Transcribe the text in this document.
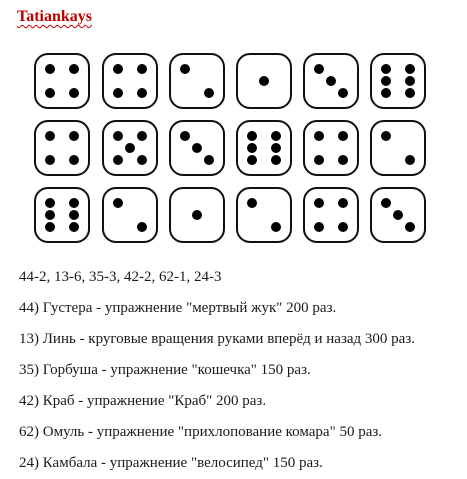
Tatiankays
44-2, 13-6, 35-3, 42-2, 62-1, 24-3
44) Густера - упражнение "мертвый жук" 200 раз.
13) Линь - круговые вращения руками вперёд и назад 300 раз.
35) Горбуша - упражнение "кошечка" 150 раз.
42) Краб - упражнение "Краб" 200 раз.
62) Омуль - упражнение "прихлопование комара" 50 раз.
24) Камбала - упражнение "велосипед" 150 раз.
